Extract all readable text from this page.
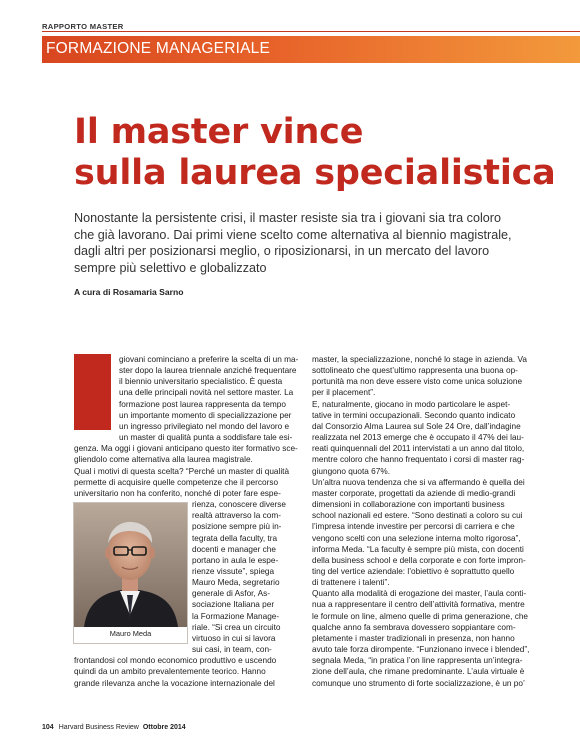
RAPPORTO MASTER
FORMAZIONE MANAGERIALE
Il master vince
sulla laurea specialistica
Nonostante la persistente crisi, il master resiste sia tra i giovani sia tra coloro
che già lavorano. Dai primi viene scelto come alternativa al biennio magistrale,
dagli altri per posizionarsi meglio, o riposizionarsi, in un mercato del lavoro
sempre più selettivo e globalizzato
A cura di Rosamaria Sarno
giovani cominciano a preferire la scelta di un ma-
ster dopo la laurea triennale anziché frequentare
il biennio universitario specialistico. È questa
una delle principali novità nel settore master. La
formazione post laurea rappresenta da tempo
un importante momento di specializzazione per
un ingresso privilegiato nel mondo del lavoro e
un master di qualità punta a soddisfare tale esi-
genza. Ma oggi i giovani anticipano questo iter formativo sce-
gliendolo come alternativa alla laurea magistrale.
Qual i motivi di questa scelta? “Perché un master di qualità
permette di acquisire quelle competenze che il percorso
universitario non ha conferito, nonché di poter fare espe-
rienza, conoscere diverse
realtà attraverso la com-
posizione sempre più in-
tegrata della faculty, tra
docenti e manager che
portano in aula le espe-
rienze vissute”, spiega
Mauro Meda, segretario
generale di Asfor, As-
sociazione Italiana per
la Formazione Manage-
riale. “Si crea un circuito
virtuoso in cui si lavora
sui casi, in team, con-
frontandosi col mondo economico produttivo e uscendo
quindi da un ambito prevalentemente teorico. Hanno
grande rilevanza anche la vocazione internazionale del
Mauro Meda
master, la specializzazione, nonché lo stage in azienda. Va
sottolineato che quest’ultimo rappresenta una buona op-
portunità ma non deve essere visto come unica soluzione
per il placement”.
E, naturalmente, giocano in modo particolare le aspet-
tative in termini occupazionali. Secondo quanto indicato
dal Consorzio Alma Laurea sul Sole 24 Ore, dall’indagine
realizzata nel 2013 emerge che è occupato il 47% dei lau-
reati quinquennali del 2011 intervistati a un anno dal titolo,
mentre coloro che hanno frequentato i corsi di master rag-
giungono quota 67%.
Un’altra nuova tendenza che si va affermando è quella dei
master corporate, progettati da aziende di medio-grandi
dimensioni in collaborazione con importanti business
school nazionali ed estere. “Sono destinati a coloro su cui
l’impresa intende investire per percorsi di carriera e che
vengono scelti con una selezione interna molto rigorosa”,
informa Meda. “La faculty è sempre più mista, con docenti
della business school e della corporate e con forte impron-
ting del vertice aziendale: l’obiettivo è soprattutto quello
di trattenere i talenti”.
Quanto alla modalità di erogazione dei master, l’aula conti-
nua a rappresentare il centro dell’attività formativa, mentre
le formule on line, almeno quelle di prima generazione, che
qualche anno fa sembrava dovessero soppiantare com-
pletamente i master tradizionali in presenza, non hanno
avuto tale forza dirompente. “Funzionano invece i blended”,
segnala Meda, “in pratica l’on line rappresenta un’integra-
zione dell’aula, che rimane predominante. L’aula virtuale è
comunque uno strumento di forte socializzazione, è un po’
104 Harvard Business Review Ottobre 2014
